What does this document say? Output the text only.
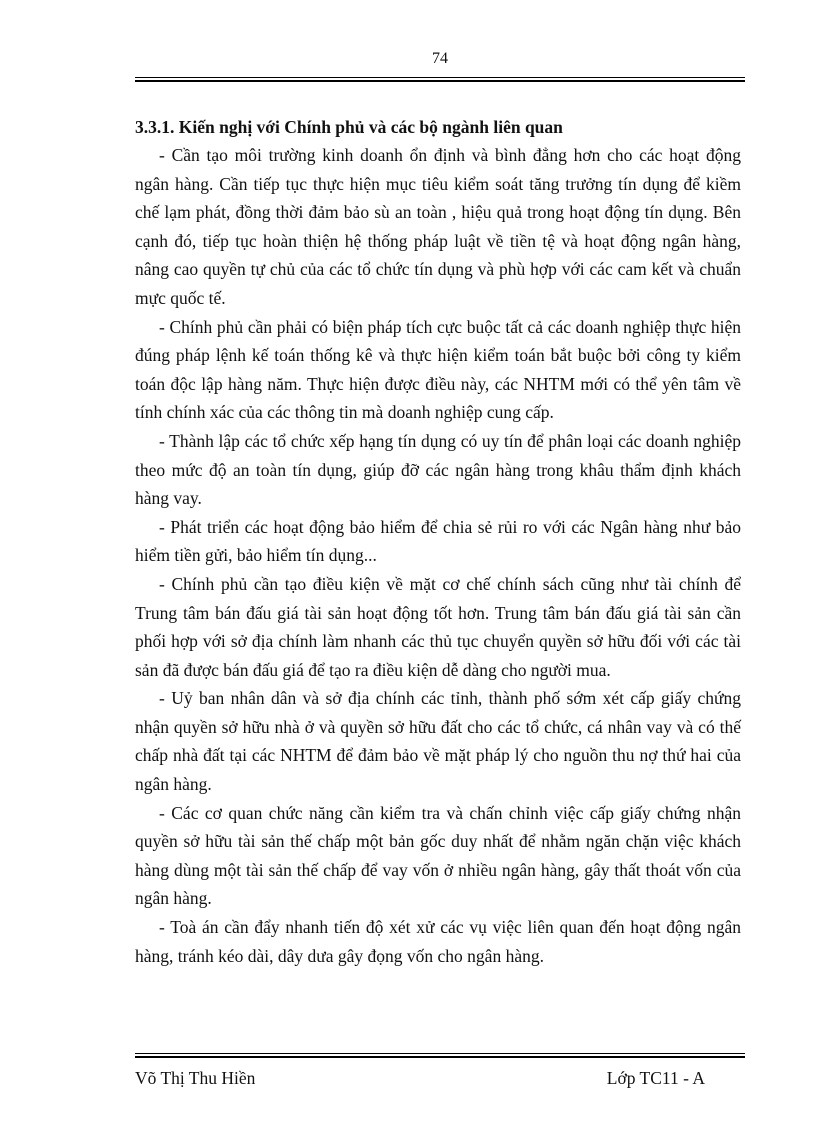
74
3.3.1. Kiến nghị với Chính phủ và các bộ ngành liên quan

- Cần tạo môi trường kinh doanh ổn định và bình đẳng hơn cho các hoạt động ngân hàng. Cần tiếp tục thực hiện mục tiêu kiểm soát tăng trưởng tín dụng để kiềm chế lạm phát, đồng thời đảm bảo sù an toàn , hiệu quả trong hoạt động tín dụng. Bên cạnh đó, tiếp tục hoàn thiện hệ thống pháp luật về tiền tệ và hoạt động ngân hàng, nâng cao quyền tự chủ của các tổ chức tín dụng và phù hợp với các cam kết và chuẩn mực quốc tế.

- Chính phủ cần phải có biện pháp tích cực buộc tất cả các doanh nghiệp thực hiện đúng pháp lệnh kế toán thống kê và thực hiện kiểm toán bắt buộc bởi công ty kiểm toán độc lập hàng năm. Thực hiện được điều này, các NHTM mới có thể yên tâm về tính chính xác của các thông tin mà doanh nghiệp cung cấp.

- Thành lập các tổ chức xếp hạng tín dụng có uy tín để phân loại các doanh nghiệp theo mức độ an toàn tín dụng, giúp đỡ các ngân hàng trong khâu thẩm định khách hàng vay.

- Phát triển các hoạt động bảo hiểm để chia sẻ rủi ro với các Ngân hàng như bảo hiểm tiền gửi, bảo hiểm tín dụng...

- Chính phủ cần tạo điều kiện về mặt cơ chế chính sách cũng như tài chính để Trung tâm bán đấu giá tài sản hoạt động tốt hơn. Trung tâm bán đấu giá tài sản cần phối hợp với sở địa chính làm nhanh các thủ tục chuyển quyền sở hữu đối với các tài sản đã được bán đấu giá để tạo ra điều kiện dễ dàng cho người mua.

- Uỷ ban nhân dân và sở địa chính các tỉnh, thành phố sớm xét cấp giấy chứng nhận quyền sở hữu nhà ở và quyền sở hữu đất cho các tổ chức, cá nhân vay và có thế chấp nhà đất tại các NHTM để đảm bảo về mặt pháp lý cho nguồn thu nợ thứ hai của ngân hàng.

- Các cơ quan chức năng cần kiểm tra và chấn chỉnh việc cấp giấy chứng nhận quyền sở hữu tài sản thế chấp một bản gốc duy nhất để nhằm ngăn chặn việc khách hàng dùng một tài sản thế chấp để vay vốn ở nhiều ngân hàng, gây thất thoát vốn của ngân hàng.

- Toà án cần đẩy nhanh tiến độ xét xử các vụ việc liên quan đến hoạt động ngân hàng, tránh kéo dài, dây dưa gây đọng vốn cho ngân hàng.

Võ Thị Thu Hiền	Lớp TC11 - A
